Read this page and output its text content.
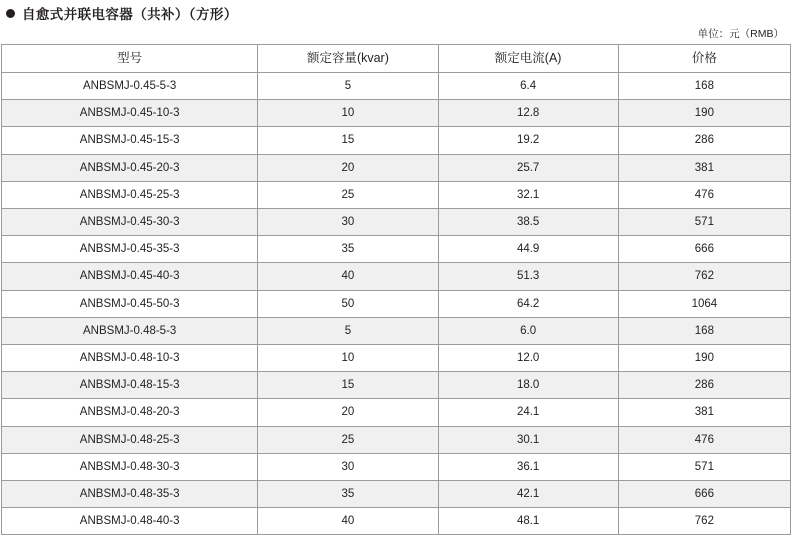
自愈式并联电容器（共补）（方形）
单位：元（RMB）
型号	额定容量(kvar)	额定电流(A)	价格
ANBSMJ-0.45-5-3	5	6.4	168
ANBSMJ-0.45-10-3	10	12.8	190
ANBSMJ-0.45-15-3	15	19.2	286
ANBSMJ-0.45-20-3	20	25.7	381
ANBSMJ-0.45-25-3	25	32.1	476
ANBSMJ-0.45-30-3	30	38.5	571
ANBSMJ-0.45-35-3	35	44.9	666
ANBSMJ-0.45-40-3	40	51.3	762
ANBSMJ-0.45-50-3	50	64.2	1064
ANBSMJ-0.48-5-3	5	6.0	168
ANBSMJ-0.48-10-3	10	12.0	190
ANBSMJ-0.48-15-3	15	18.0	286
ANBSMJ-0.48-20-3	20	24.1	381
ANBSMJ-0.48-25-3	25	30.1	476
ANBSMJ-0.48-30-3	30	36.1	571
ANBSMJ-0.48-35-3	35	42.1	666
ANBSMJ-0.48-40-3	40	48.1	762
